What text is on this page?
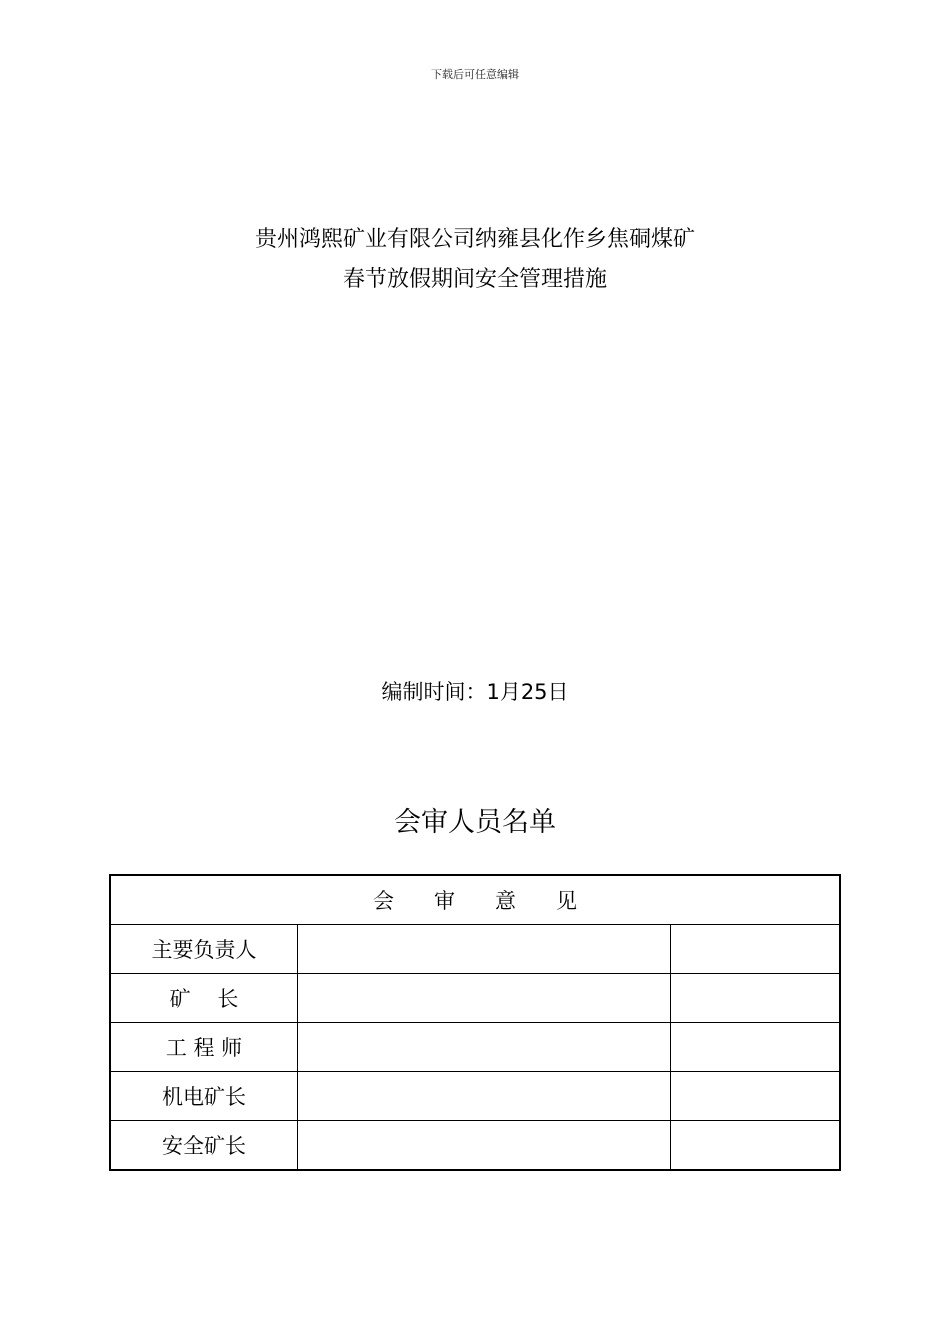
下载后可任意编辑
贵州鸿熙矿业有限公司纳雍县化作乡焦硐煤矿
春节放假期间安全管理措施
编制时间：1月25日
会审人员名单
会审意见		
主要负责人		
矿    长		
工 程 师		
机电矿长		
安全矿长		
